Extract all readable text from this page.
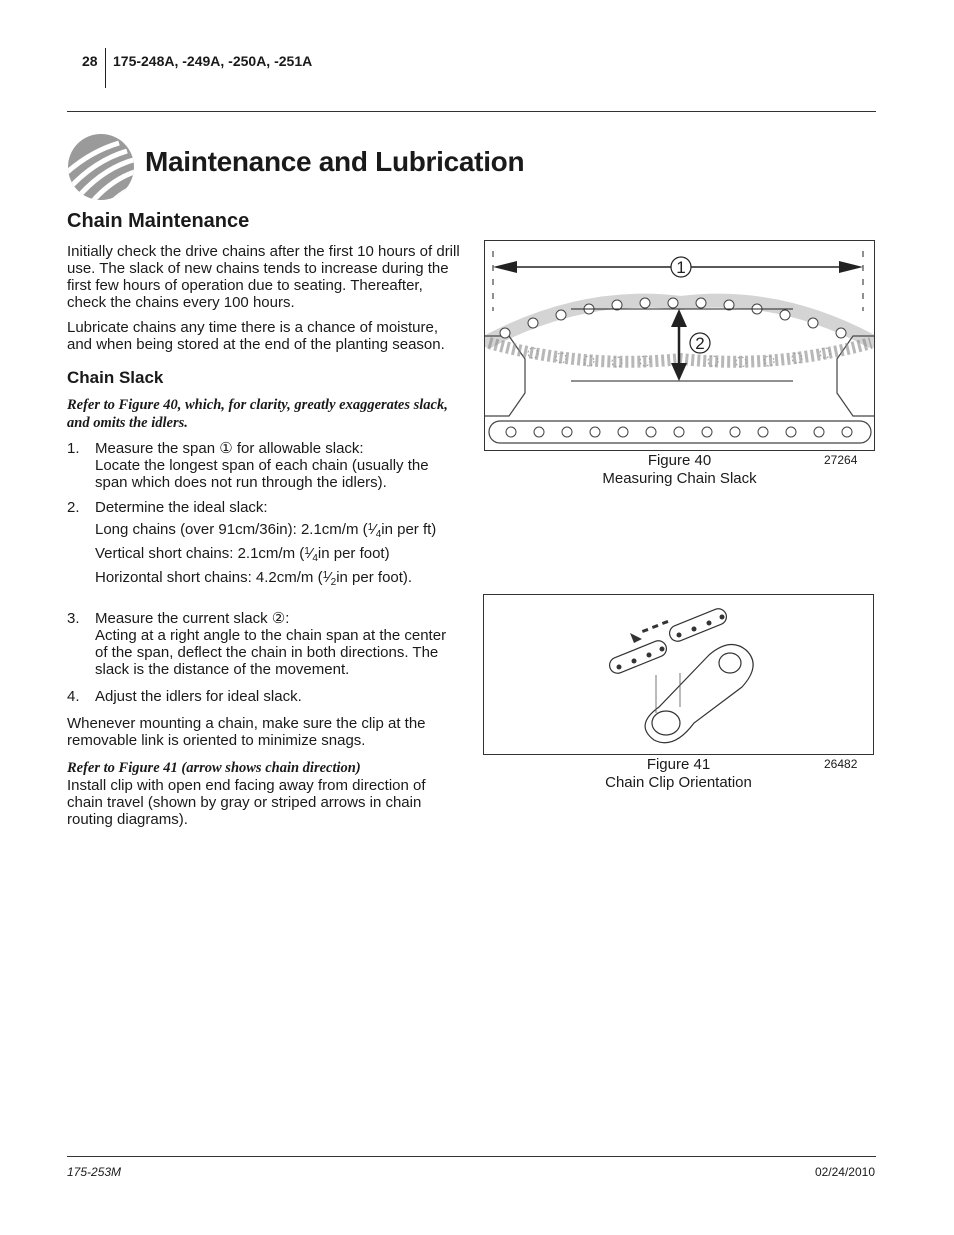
28 175-248A, -249A, -250A, -251A
Maintenance and Lubrication
Chain Maintenance
Initially check the drive chains after the first 10 hours of drill use. The slack of new chains tends to increase during the first few hours of operation due to seating. Thereafter, check the chains every 100 hours.
Lubricate chains any time there is a chance of moisture, and when being stored at the end of the planting season.
Chain Slack
Refer to Figure 40, which, for clarity, greatly exaggerates slack, and omits the idlers.
1.	Measure the span ① for allowable slack:
Locate the longest span of each chain (usually the span which does not run through the idlers).
2.	Determine the ideal slack:
Long chains (over 91cm/36in): 2.1cm/m ($^1⁄_4in$ per ft)
Vertical short chains: 2.1cm/m ($^1⁄_4in$ per foot)
Horizontal short chains: 4.2cm/m ($^1⁄_2in$ per foot).
3.	Measure the current slack ②:
Acting at a right angle to the chain span at the center of the span, deflect the chain in both directions. The slack is the distance of the movement.
4.	Adjust the idlers for ideal slack.
Whenever mounting a chain, make sure the clip at the removable link is oriented to minimize snags.
Refer to Figure 41 (arrow shows chain direction)
Install clip with open end facing away from direction of chain travel (shown by gray or striped arrows in chain routing diagrams).
1
2
Figure 40
Measuring Chain Slack
27264
Figure 41
Chain Clip Orientation
26482
175-253M	02/24/2010
